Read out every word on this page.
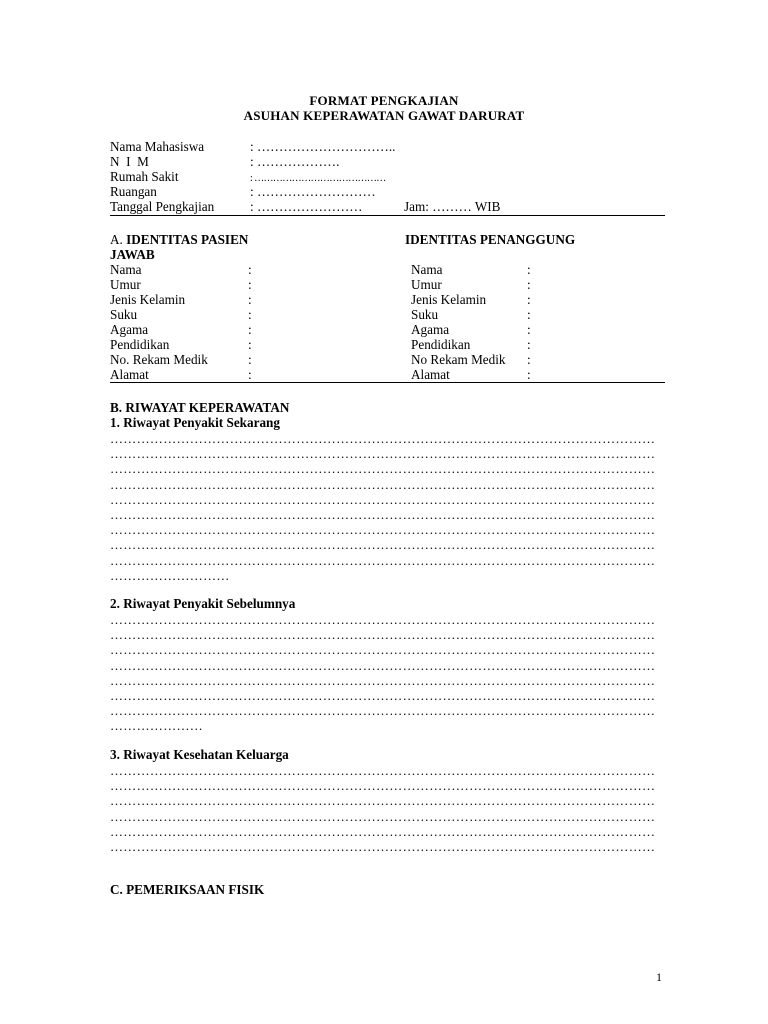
FORMAT PENGKAJIAN
ASUHAN KEPERAWATAN GAWAT DARURAT
Nama Mahasiswa	: …………………………..
N  I  M	: ……………….
Rumah Sakit	: ……………………………………
Ruangan	: ………………………
Tanggal Pengkajian	: ……………………	Jam: ……… WIB
A. IDENTITAS PASIEN	IDENTITAS PENANGGUNG
JAWAB
Nama	:
Umur	:
Jenis Kelamin	:
Suku	:
Agama	:
Pendidikan	:
No. Rekam Medik	:
Alamat	:
Nama	:
Umur	:
Jenis Kelamin	:
Suku	:
Agama	:
Pendidikan	:
No Rekam Medik :
Alamat	:
B. RIWAYAT KEPERAWATAN
1. Riwayat Penyakit Sekarang
……………………………………………………………………………………………………………
……………………………………………………………………………………………………………
……………………………………………………………………………………………………………
……………………………………………………………………………………………………………
……………………………………………………………………………………………………………
……………………………………………………………………………………………………………
……………………………………………………………………………………………………………
……………………………………………………………………………………………………………
……………………………………………………………………………………………………………
………………………
2. Riwayat Penyakit Sebelumnya
……………………………………………………………………………………………………………
……………………………………………………………………………………………………………
……………………………………………………………………………………………………………
……………………………………………………………………………………………………………
……………………………………………………………………………………………………………
……………………………………………………………………………………………………………
……………………………………………………………………………………………………………
…………………
3. Riwayat Kesehatan Keluarga
……………………………………………………………………………………………………………
……………………………………………………………………………………………………………
……………………………………………………………………………………………………………
……………………………………………………………………………………………………………
……………………………………………………………………………………………………………
……………………………………………………………………………………………………………
C. PEMERIKSAAN FISIK
1
